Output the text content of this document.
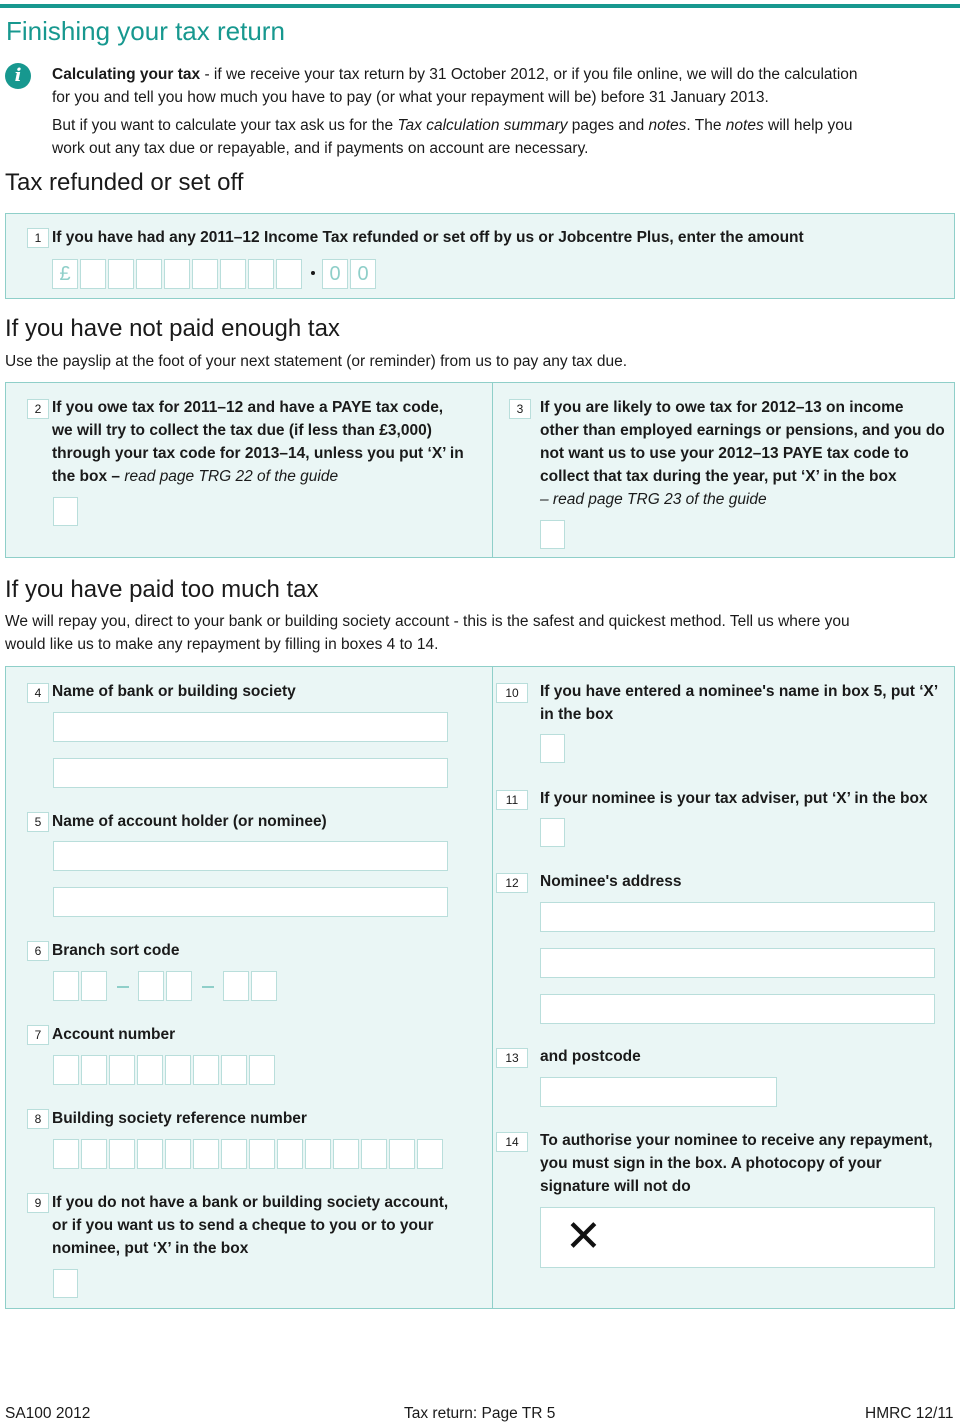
Finishing your tax return
i	Calculating your tax - if we receive your tax return by 31 October 2012, or if you file online, we will do the calculation
for you and tell you how much you have to pay (or what your repayment will be) before 31 January 2013.
But if you want to calculate your tax ask us for the Tax calculation summary pages and notes. The notes will help you
work out any tax due or repayable, and if payments on account are necessary.
Tax refunded or set off
1 If you have had any 2011–12 Income Tax refunded or set off by us or Jobcentre Plus, enter the amount
£	0 0
If you have not paid enough tax
Use the payslip at the foot of your next statement (or reminder) from us to pay any tax due.
2 If you owe tax for 2011–12 and have a PAYE tax code,
we will try to collect the tax due (if less than £3,000)
through your tax code for 2013–14, unless you put ‘X’ in
the box – read page TRG 22 of the guide
3	If you are likely to owe tax for 2012–13 on income
other than employed earnings or pensions, and you do
not want us to use your 2012–13 PAYE tax code to
collect that tax during the year, put ‘X’ in the box
– read page TRG 23 of the guide
If you have paid too much tax
We will repay you, direct to your bank or building society account - this is the safest and quickest method. Tell us where you
would like us to make any repayment by filling in boxes 4 to 14.
4 Name of bank or building society
5 Name of account holder (or nominee)
6 Branch sort code
7 Account number
8 Building society reference number
9 If you do not have a bank or building society account,
or if you want us to send a cheque to you or to your
nominee, put ‘X’ in the box
10	If you have entered a nominee's name in box 5, put ‘X’
in the box
11	If your nominee is your tax adviser, put ‘X’ in the box
12	Nominee's address
13	and postcode
14	To authorise your nominee to receive any repayment,
you must sign in the box. A photocopy of your
signature will not do
✕
SA100 2012	Tax return: Page TR 5	HMRC 12/11
